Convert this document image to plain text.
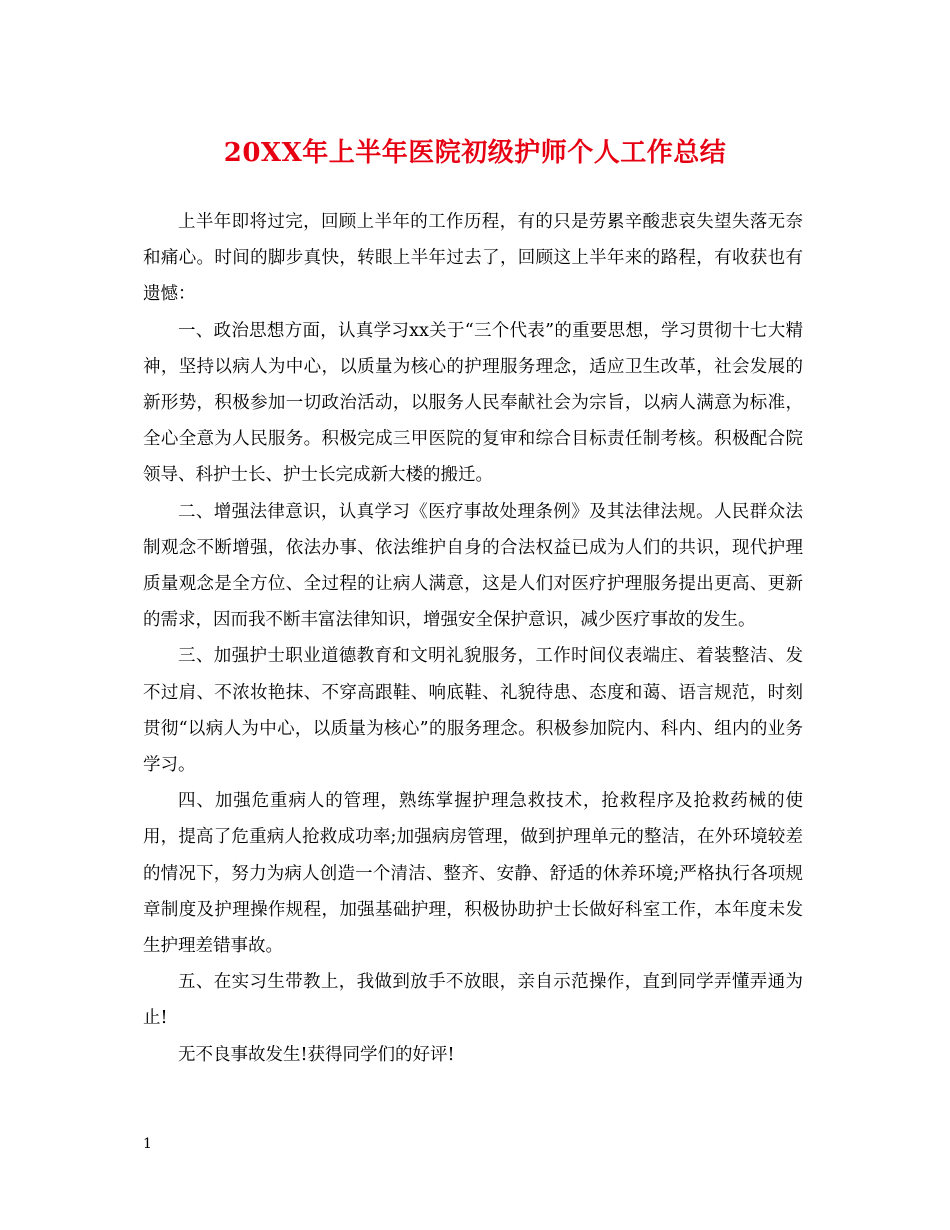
20XX年上半年医院初级护师个人工作总结

上半年即将过完，回顾上半年的工作历程，有的只是劳累辛酸悲哀失望失落无奈和痛心。时间的脚步真快，转眼上半年过去了，回顾这上半年来的路程，有收获也有遗憾：

一、政治思想方面，认真学习xx关于“三个代表”的重要思想，学习贯彻十七大精神，坚持以病人为中心，以质量为核心的护理服务理念，适应卫生改革，社会发展的新形势，积极参加一切政治活动，以服务人民奉献社会为宗旨，以病人满意为标准，全心全意为人民服务。积极完成三甲医院的复审和综合目标责任制考核。积极配合院领导、科护士长、护士长完成新大楼的搬迁。

二、增强法律意识，认真学习《医疗事故处理条例》及其法律法规。人民群众法制观念不断增强，依法办事、依法维护自身的合法权益已成为人们的共识，现代护理质量观念是全方位、全过程的让病人满意，这是人们对医疗护理服务提出更高、更新的需求，因而我不断丰富法律知识，增强安全保护意识，减少医疗事故的发生。

三、加强护士职业道德教育和文明礼貌服务，工作时间仪表端庄、着装整洁、发不过肩、不浓妆艳抹、不穿高跟鞋、响底鞋、礼貌待患、态度和蔼、语言规范，时刻贯彻“以病人为中心，以质量为核心”的服务理念。积极参加院内、科内、组内的业务学习。

四、加强危重病人的管理，熟练掌握护理急救技术，抢救程序及抢救药械的使用，提高了危重病人抢救成功率;加强病房管理，做到护理单元的整洁，在外环境较差的情况下，努力为病人创造一个清洁、整齐、安静、舒适的休养环境;严格执行各项规章制度及护理操作规程，加强基础护理，积极协助护士长做好科室工作，本年度未发生护理差错事故。

五、在实习生带教上，我做到放手不放眼，亲自示范操作，直到同学弄懂弄通为止!

无不良事故发生!获得同学们的好评!

1
